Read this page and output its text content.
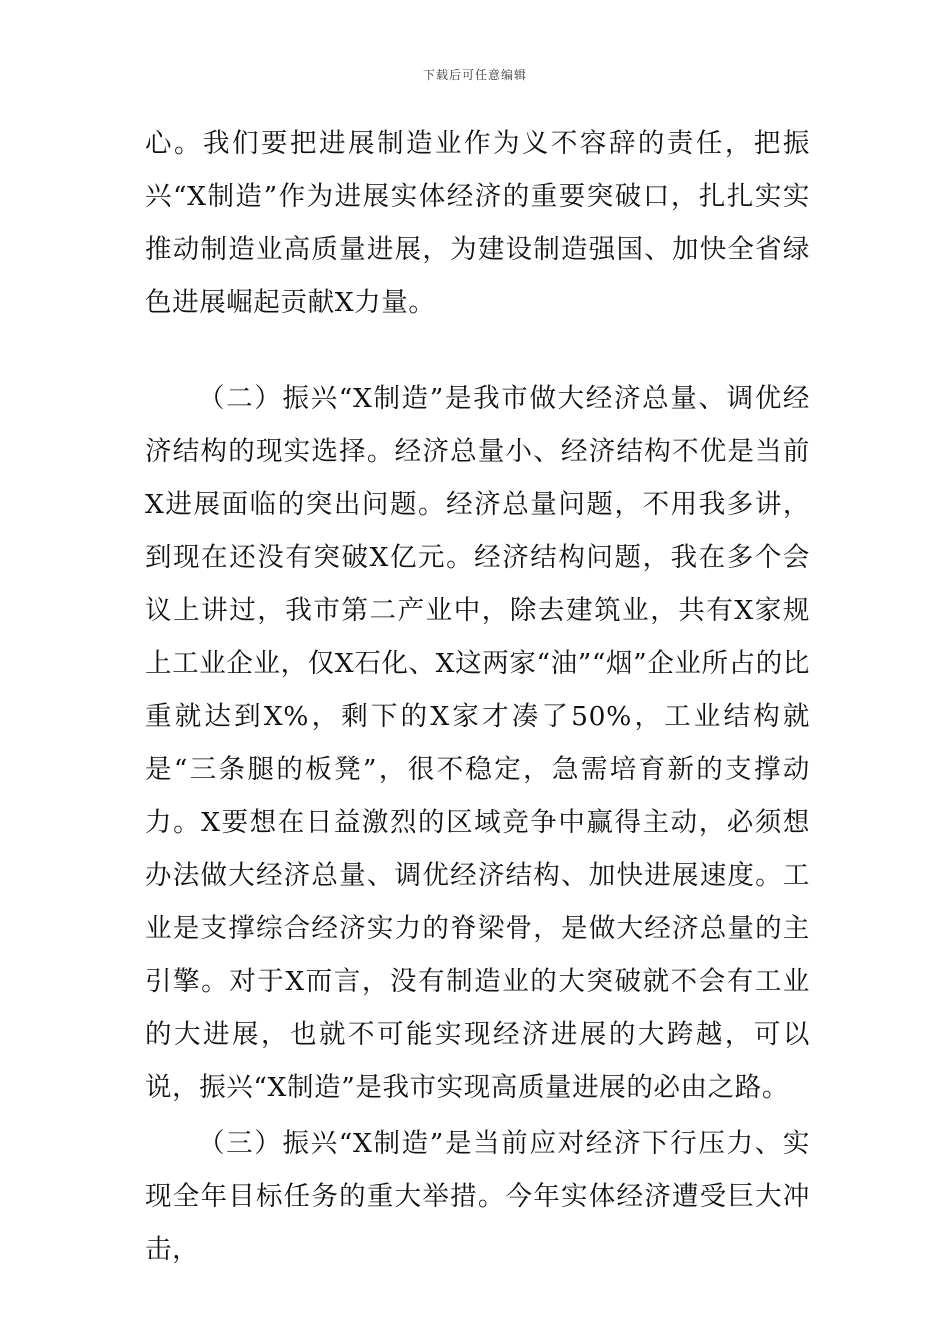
下载后可任意编辑

心。我们要把进展制造业作为义不容辞的责任，把振兴“X制造”作为进展实体经济的重要突破口，扎扎实实推动制造业高质量进展，为建设制造强国、加快全省绿色进展崛起贡献X力量。

（二）振兴“X制造”是我市做大经济总量、调优经济结构的现实选择。经济总量小、经济结构不优是当前X进展面临的突出问题。经济总量问题，不用我多讲，到现在还没有突破X亿元。经济结构问题，我在多个会议上讲过，我市第二产业中，除去建筑业，共有X家规上工业企业，仅X石化、X这两家“油”“烟”企业所占的比重就达到X%，剩下的X家才凑了50%，工业结构就是“三条腿的板凳”，很不稳定，急需培育新的支撑动力。X要想在日益激烈的区域竞争中赢得主动，必须想办法做大经济总量、调优经济结构、加快进展速度。工业是支撑综合经济实力的脊梁骨，是做大经济总量的主引擎。对于X而言，没有制造业的大突破就不会有工业的大进展，也就不可能实现经济进展的大跨越，可以说，振兴“X制造”是我市实现高质量进展的必由之路。

（三）振兴“X制造”是当前应对经济下行压力、实现全年目标任务的重大举措。今年实体经济遭受巨大冲击，
